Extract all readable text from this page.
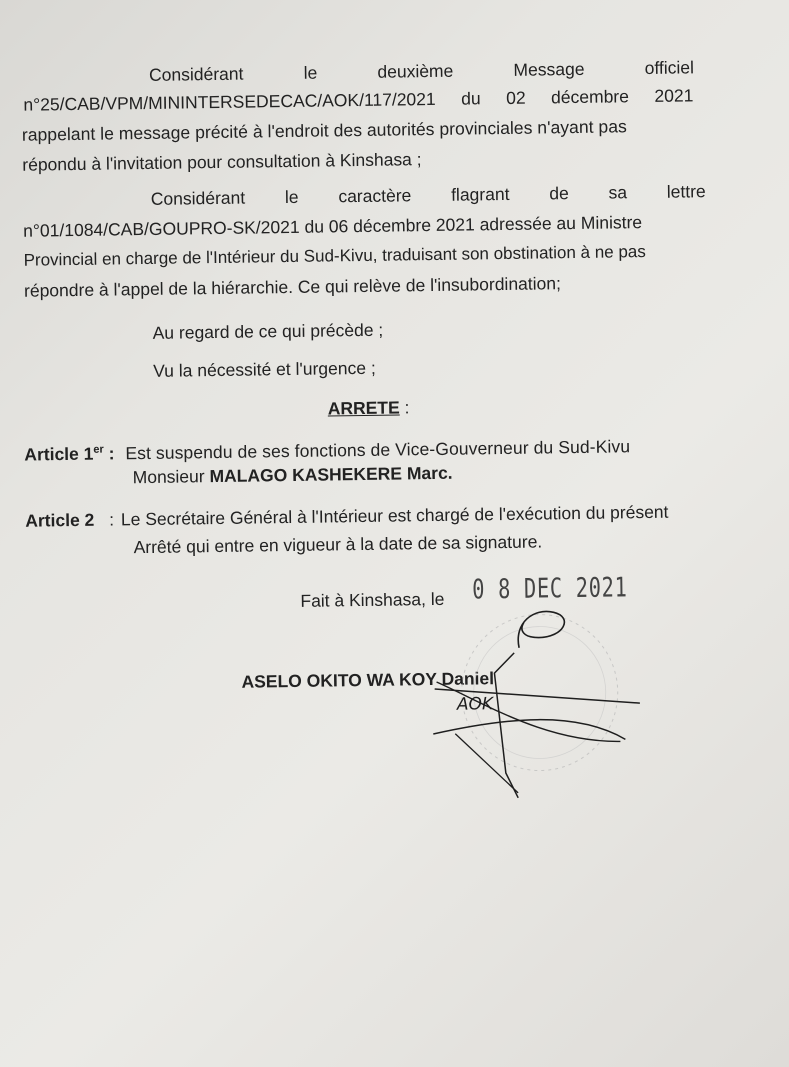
Considérant	le	deuxième	Message	officiel
n°25/CAB/VPM/MININTERSEDECAC/AOK/117/2021 du 02 décembre 2021
rappelant le message précité à l'endroit des autorités provinciales n'ayant pas
répondu à l'invitation pour consultation à Kinshasa ;
Considérant le caractère flagrant de sa lettre
n°01/1084/CAB/GOUPRO-SK/2021 du 06 décembre 2021 adressée au Ministre
Provincial en charge de l'Intérieur du Sud-Kivu, traduisant son obstination à ne pas
répondre à l'appel de la hiérarchie. Ce qui relève de l'insubordination;
Au regard de ce qui précède ;
Vu la nécessité et l'urgence ;
ARRETE :
Article 1er : Est suspendu de ses fonctions de Vice-Gouverneur du Sud-Kivu
Monsieur MALAGO KASHEKERE Marc.
Article 2 : Le Secrétaire Général à l'Intérieur est chargé de l'exécution du présent
Arrêté qui entre en vigueur à la date de sa signature.
Fait à Kinshasa, le 0 8 DEC 2021
ASELO OKITO WA KOY Daniel
AOK
